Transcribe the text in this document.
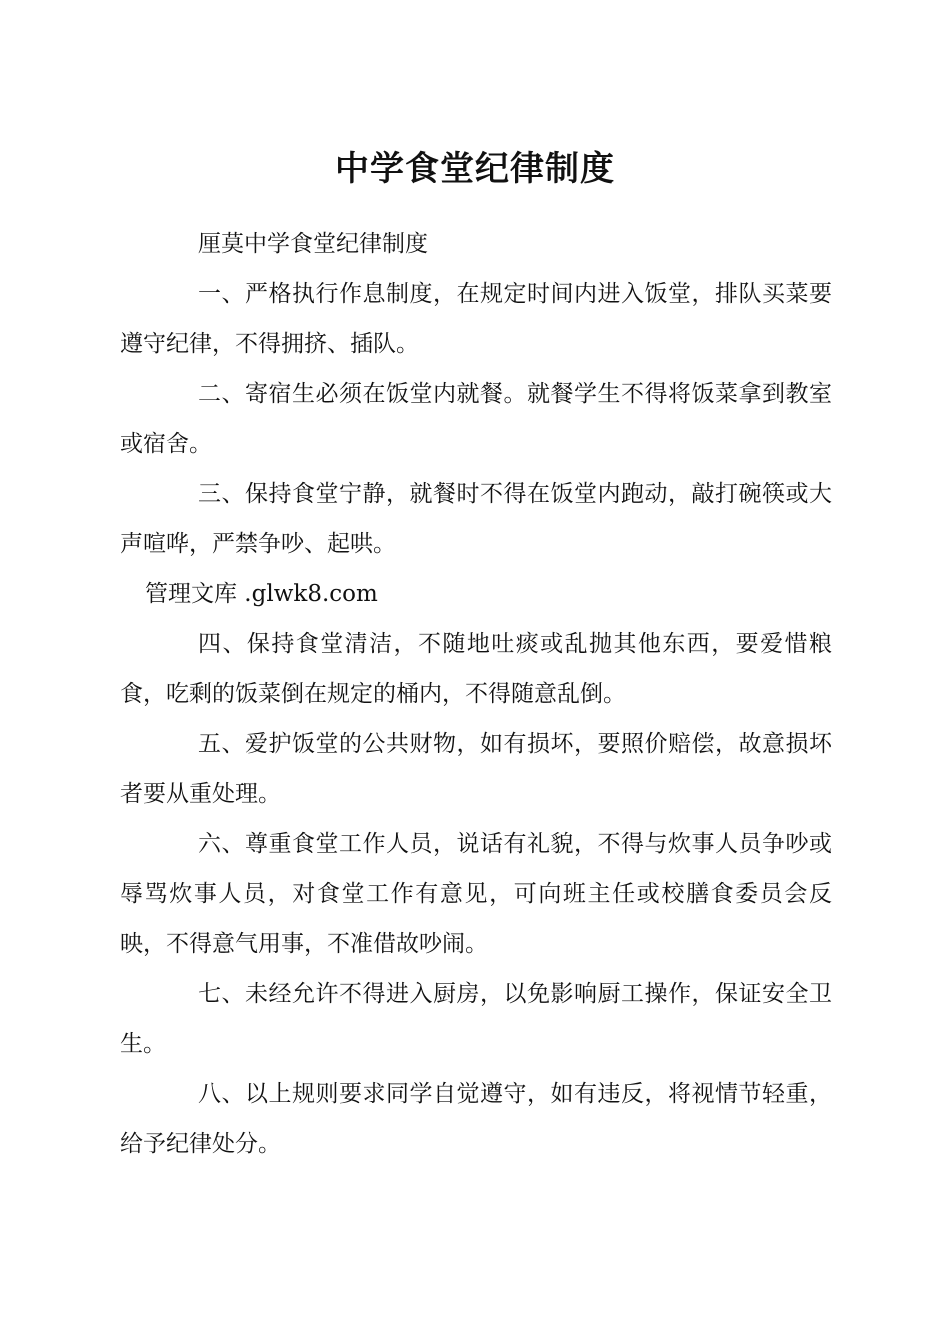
中学食堂纪律制度

厘莫中学食堂纪律制度

一、严格执行作息制度，在规定时间内进入饭堂，排队买菜要遵守纪律，不得拥挤、插队。

二、寄宿生必须在饭堂内就餐。就餐学生不得将饭菜拿到教室或宿舍。

三、保持食堂宁静，就餐时不得在饭堂内跑动，敲打碗筷或大声喧哗，严禁争吵、起哄。

管理文库 .glwk8.com

四、保持食堂清洁，不随地吐痰或乱抛其他东西，要爱惜粮食，吃剩的饭菜倒在规定的桶内，不得随意乱倒。

五、爱护饭堂的公共财物，如有损坏，要照价赔偿，故意损坏者要从重处理。

六、尊重食堂工作人员，说话有礼貌，不得与炊事人员争吵或辱骂炊事人员，对食堂工作有意见，可向班主任或校膳食委员会反映，不得意气用事，不准借故吵闹。

七、未经允许不得进入厨房，以免影响厨工操作，保证安全卫生。

八、以上规则要求同学自觉遵守，如有违反，将视情节轻重，给予纪律处分。
